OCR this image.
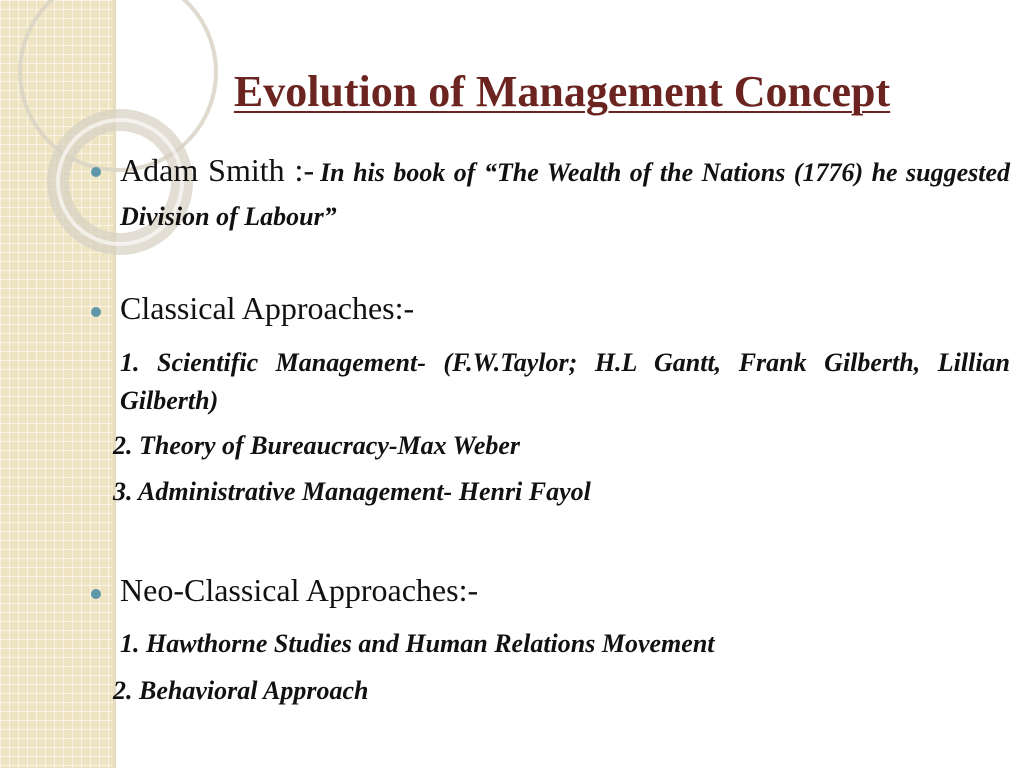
Evolution of Management Concept
Adam Smith :- In his book of “The Wealth of the Nations (1776) he suggested Division of Labour”
Classical Approaches:-
1. Scientific Management- (F.W.Taylor; H.L Gantt, Frank Gilberth, Lillian Gilberth)
2. Theory of Bureaucracy-Max Weber
3. Administrative Management- Henri Fayol
Neo-Classical Approaches:-
1. Hawthorne Studies and Human Relations Movement
2. Behavioral Approach
